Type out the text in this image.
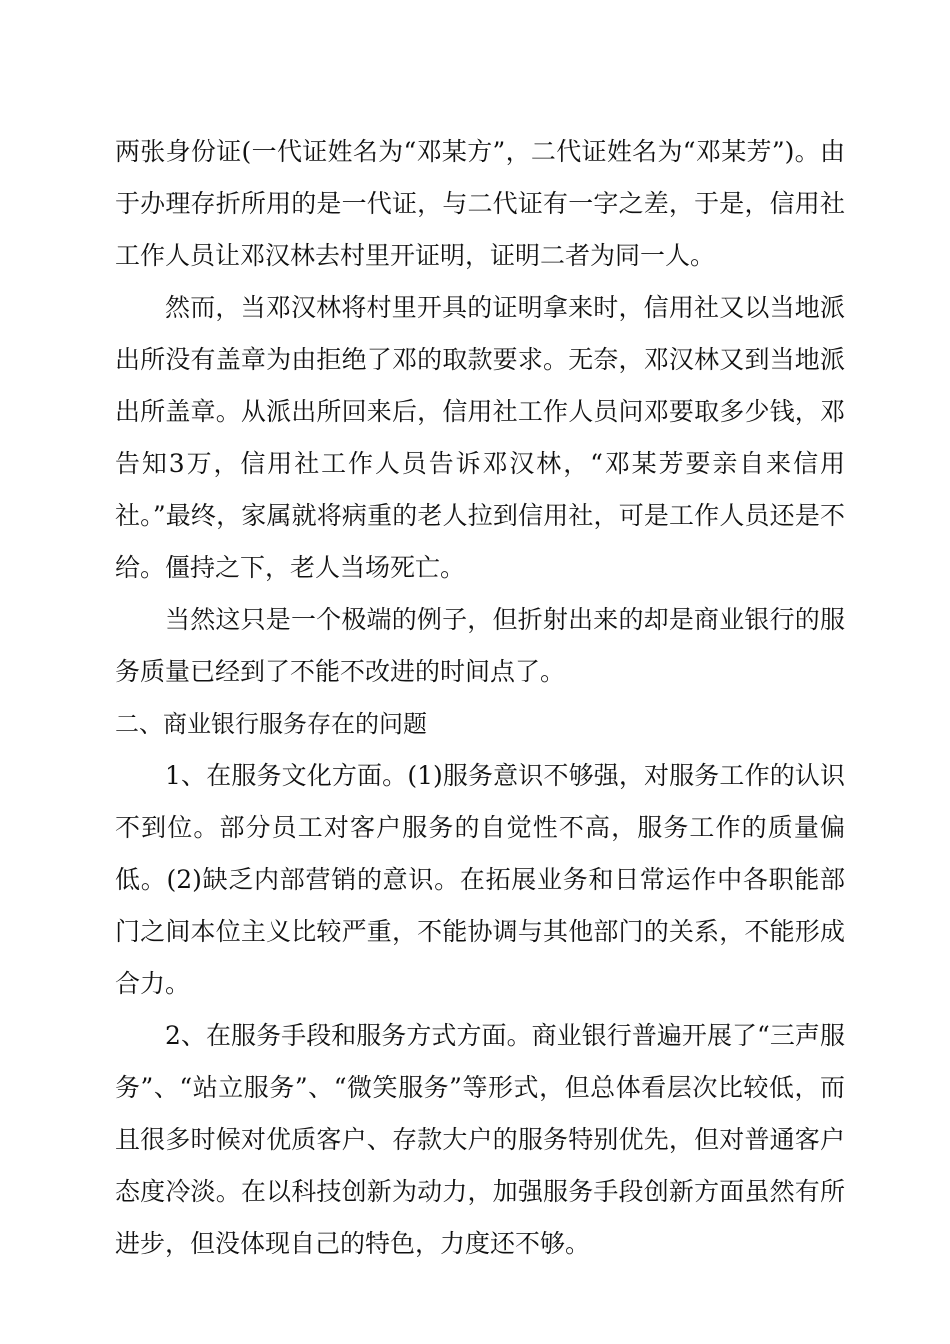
两张身份证(一代证姓名为“邓某方”，二代证姓名为“邓某芳”)。由于办理存折所用的是一代证，与二代证有一字之差，于是，信用社工作人员让邓汉林去村里开证明，证明二者为同一人。

然而，当邓汉林将村里开具的证明拿来时，信用社又以当地派出所没有盖章为由拒绝了邓的取款要求。无奈，邓汉林又到当地派出所盖章。从派出所回来后，信用社工作人员问邓要取多少钱，邓告知3万，信用社工作人员告诉邓汉林，“邓某芳要亲自来信用社。”最终，家属就将病重的老人拉到信用社，可是工作人员还是不给。僵持之下，老人当场死亡。

当然这只是一个极端的例子，但折射出来的却是商业银行的服务质量已经到了不能不改进的时间点了。

二、商业银行服务存在的问题

1、在服务文化方面。(1)服务意识不够强，对服务工作的认识不到位。部分员工对客户服务的自觉性不高，服务工作的质量偏低。(2)缺乏内部营销的意识。在拓展业务和日常运作中各职能部门之间本位主义比较严重，不能协调与其他部门的关系，不能形成合力。

2、在服务手段和服务方式方面。商业银行普遍开展了“三声服务”、“站立服务”、“微笑服务”等形式，但总体看层次比较低，而且很多时候对优质客户、存款大户的服务特别优先，但对普通客户态度冷淡。在以科技创新为动力，加强服务手段创新方面虽然有所进步，但没体现自己的特色，力度还不够。
